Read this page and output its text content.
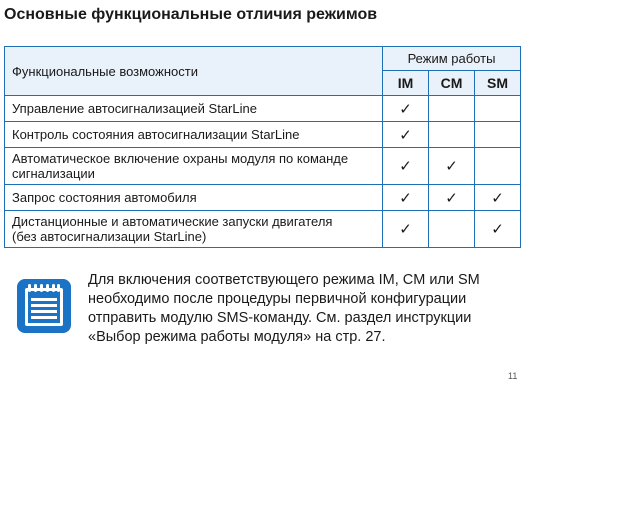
Основные функциональные отличия режимов
Функциональные возможности	Режим работы		
	IM	CM	SM
Управление автосигнализацией StarLine	✓		
Контроль состояния автосигнализации StarLine	✓		
Автоматическое включение охраны модуля по команде
сигнализации	✓	✓	
Запрос состояния автомобиля	✓	✓	✓
Дистанционные и автоматические запуски двигателя
(без автосигнализации StarLine)	✓		✓
Для включения соответствующего режима IM, CM или SM
необходимо после процедуры первичной конфигурации
отправить модулю SMS-команду. См. раздел инструкции
«Выбор режима работы модуля» на стр. 27.
11
